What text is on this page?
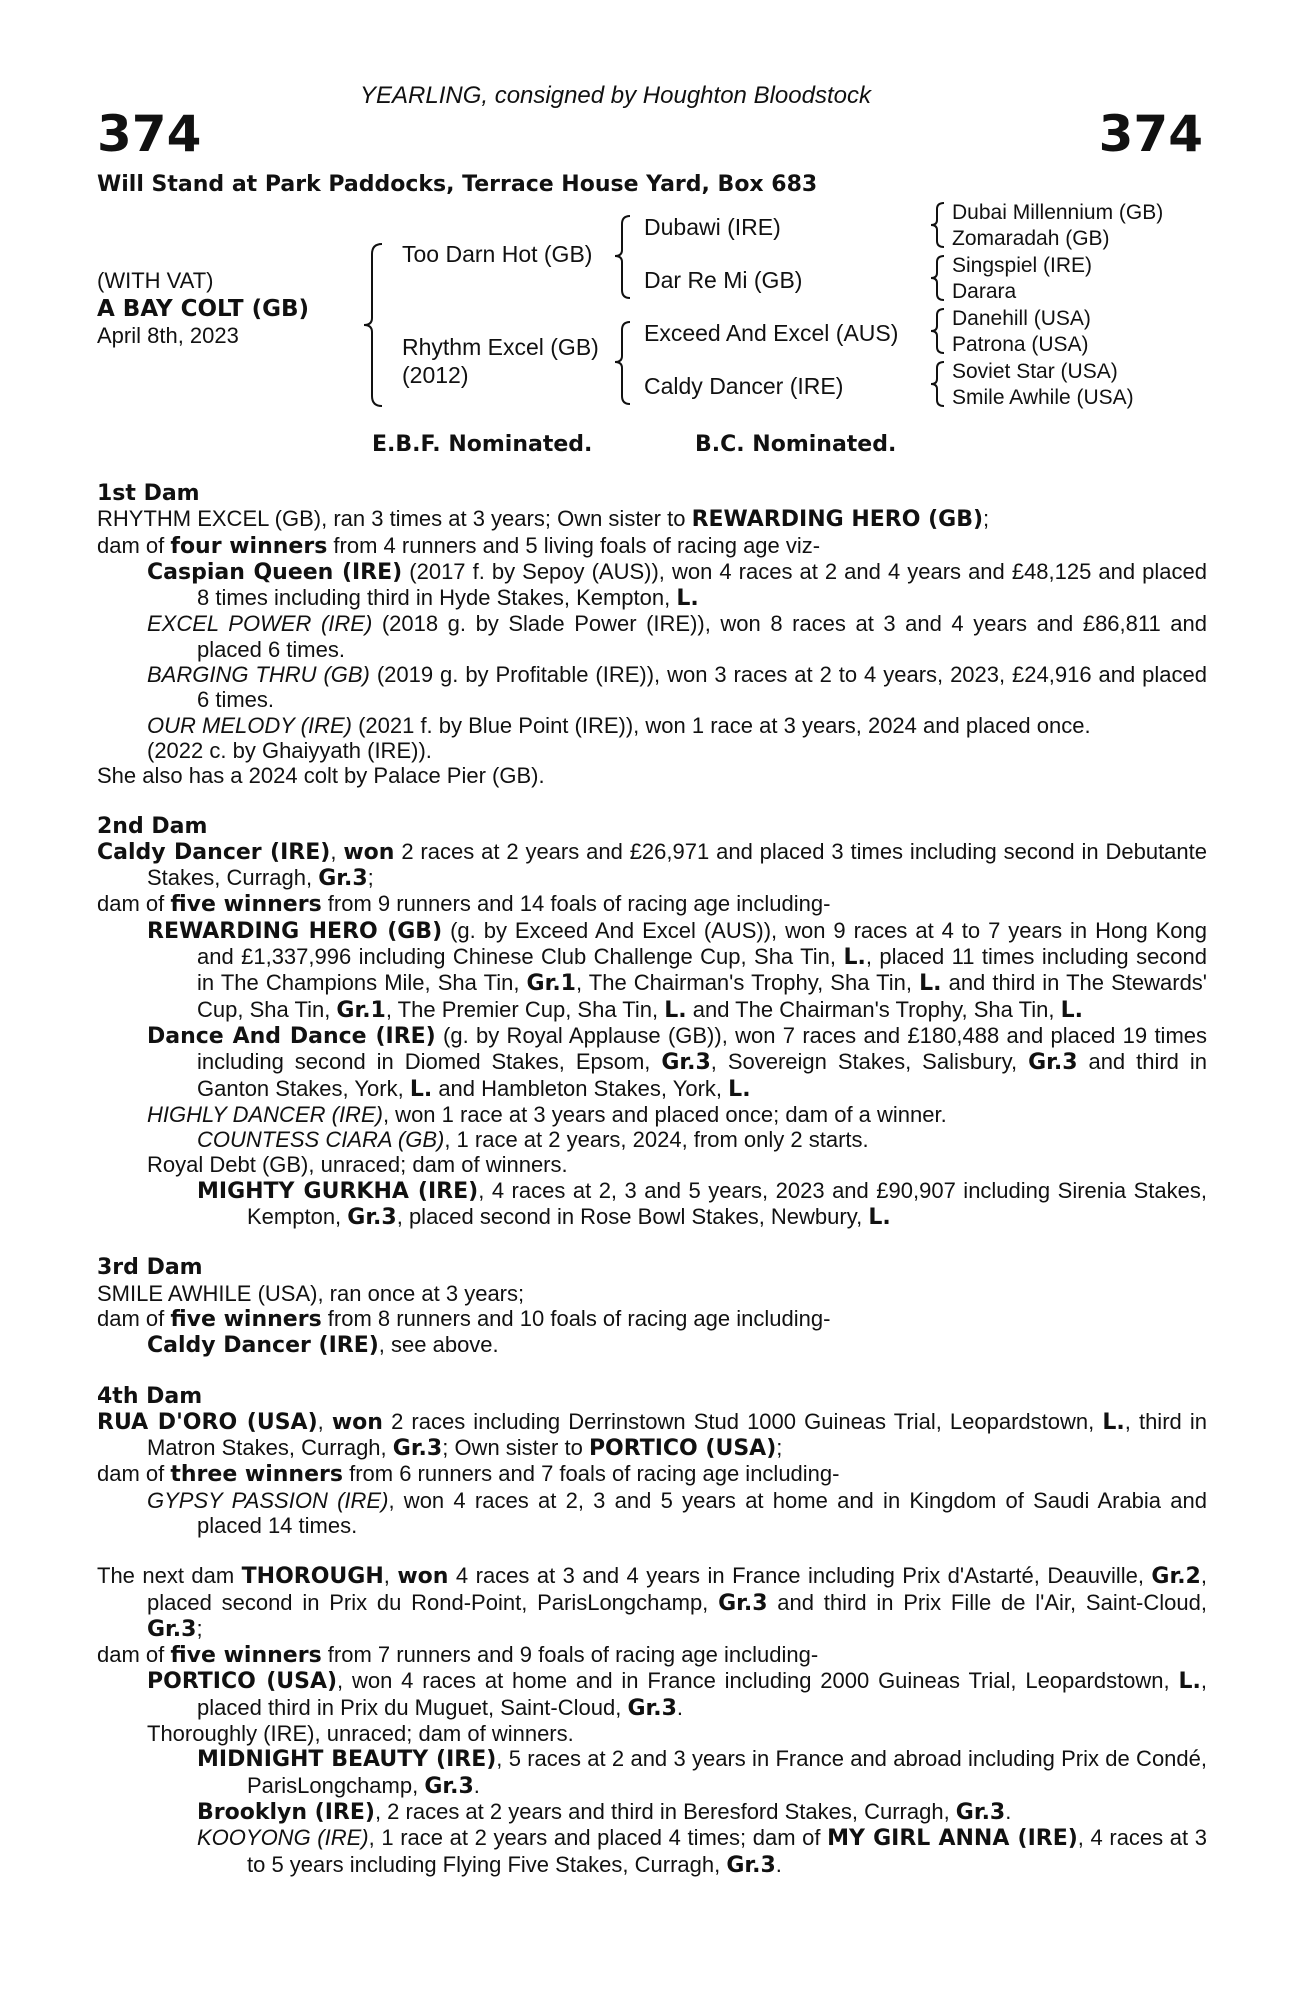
YEARLING, consigned by Houghton Bloodstock
374	374
Will Stand at Park Paddocks, Terrace House Yard, Box 683
(WITH VAT)
A BAY COLT (GB)
April 8th, 2023
Too Darn Hot (GB)
Rhythm Excel (GB)
(2012)
Dubawi (IRE)
Dar Re Mi (GB)
Exceed And Excel (AUS)
Caldy Dancer (IRE)
Dubai Millennium (GB)
Zomaradah (GB)
Singspiel (IRE)
Darara
Danehill (USA)
Patrona (USA)
Soviet Star (USA)
Smile Awhile (USA)
E.B.F. Nominated.	B.C. Nominated.

1st Dam

RHYTHM EXCEL (GB), ran 3 times at 3 years; Own sister to REWARDING HERO (GB);

dam of four winners from 4 runners and 5 living foals of racing age viz-

Caspian Queen (IRE) (2017 f. by Sepoy (AUS)), won 4 races at 2 and 4 years and £48,125 and placed 8 times including third in Hyde Stakes, Kempton, L.

EXCEL POWER (IRE) (2018 g. by Slade Power (IRE)), won 8 races at 3 and 4 years and £86,811 and placed 6 times.

BARGING THRU (GB) (2019 g. by Profitable (IRE)), won 3 races at 2 to 4 years, 2023, £24,916 and placed 6 times.

OUR MELODY (IRE) (2021 f. by Blue Point (IRE)), won 1 race at 3 years, 2024 and placed once.

(2022 c. by Ghaiyyath (IRE)).

She also has a 2024 colt by Palace Pier (GB).

2nd Dam

Caldy Dancer (IRE), won 2 races at 2 years and £26,971 and placed 3 times including second in Debutante Stakes, Curragh, Gr.3;

dam of five winners from 9 runners and 14 foals of racing age including-

REWARDING HERO (GB) (g. by Exceed And Excel (AUS)), won 9 races at 4 to 7 years in Hong Kong and £1,337,996 including Chinese Club Challenge Cup, Sha Tin, L., placed 11 times including second in The Champions Mile, Sha Tin, Gr.1, The Chairman's Trophy, Sha Tin, L. and third in The Stewards' Cup, Sha Tin, Gr.1, The Premier Cup, Sha Tin, L. and The Chairman's Trophy, Sha Tin, L.

Dance And Dance (IRE) (g. by Royal Applause (GB)), won 7 races and £180,488 and placed 19 times including second in Diomed Stakes, Epsom, Gr.3, Sovereign Stakes, Salisbury, Gr.3 and third in Ganton Stakes, York, L. and Hambleton Stakes, York, L.

HIGHLY DANCER (IRE), won 1 race at 3 years and placed once; dam of a winner.

COUNTESS CIARA (GB), 1 race at 2 years, 2024, from only 2 starts.

Royal Debt (GB), unraced; dam of winners.

MIGHTY GURKHA (IRE), 4 races at 2, 3 and 5 years, 2023 and £90,907 including Sirenia Stakes, Kempton, Gr.3, placed second in Rose Bowl Stakes, Newbury, L.

3rd Dam

SMILE AWHILE (USA), ran once at 3 years;

dam of five winners from 8 runners and 10 foals of racing age including-

Caldy Dancer (IRE), see above.

4th Dam

RUA D'ORO (USA), won 2 races including Derrinstown Stud 1000 Guineas Trial, Leopardstown, L., third in Matron Stakes, Curragh, Gr.3; Own sister to PORTICO (USA);

dam of three winners from 6 runners and 7 foals of racing age including-

GYPSY PASSION (IRE), won 4 races at 2, 3 and 5 years at home and in Kingdom of Saudi Arabia and placed 14 times.

The next dam THOROUGH, won 4 races at 3 and 4 years in France including Prix d'Astarté, Deauville, Gr.2, placed second in Prix du Rond-Point, ParisLongchamp, Gr.3 and third in Prix Fille de l'Air, Saint-Cloud, Gr.3;

dam of five winners from 7 runners and 9 foals of racing age including-

PORTICO (USA), won 4 races at home and in France including 2000 Guineas Trial, Leopardstown, L., placed third in Prix du Muguet, Saint-Cloud, Gr.3.

Thoroughly (IRE), unraced; dam of winners.

MIDNIGHT BEAUTY (IRE), 5 races at 2 and 3 years in France and abroad including Prix de Condé, ParisLongchamp, Gr.3.

Brooklyn (IRE), 2 races at 2 years and third in Beresford Stakes, Curragh, Gr.3.

KOOYONG (IRE), 1 race at 2 years and placed 4 times; dam of MY GIRL ANNA (IRE), 4 races at 3 to 5 years including Flying Five Stakes, Curragh, Gr.3.
